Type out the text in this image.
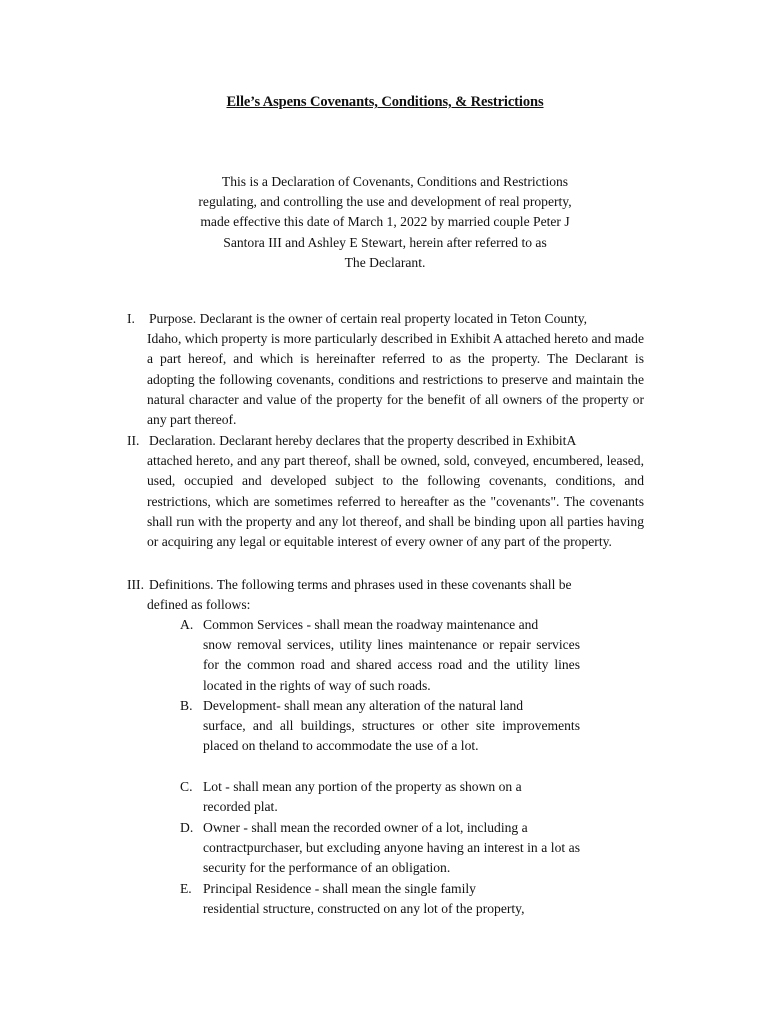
Elle’s Aspens Covenants, Conditions, & Restrictions
This is a Declaration of Covenants, Conditions and Restrictions
regulating, and controlling the use and development of real property,
made effective this date of March 1, 2022 by married couple Peter J
Santora III and Ashley E Stewart, herein after referred to as
The Declarant.
I. Purpose. Declarant is the owner of certain real property located in Teton County,
Idaho, which property is more particularly described in Exhibit A attached hereto and made a part hereof, and which is hereinafter referred to as the property. The Declarant is adopting the following covenants, conditions and restrictions to preserve and maintain the natural character and value of the property for the benefit of all owners of the property or any part thereof.
II. Declaration. Declarant hereby declares that the property described in ExhibitA
attached hereto, and any part thereof, shall be owned, sold, conveyed, encumbered, leased, used, occupied and developed subject to the following covenants, conditions, and restrictions, which are sometimes referred to hereafter as the "covenants". The covenants shall run with the property and any lot thereof, and shall be binding upon all parties having or acquiring any legal or equitable interest of every owner of any part of the property.
III. Definitions. The following terms and phrases used in these covenants shall be
defined as follows:
A. Common Services - shall mean the roadway maintenance and
snow removal services, utility lines maintenance or repair services for the common road and shared access road and the utility lines located in the rights of way of such roads.
B. Development- shall mean any alteration of the natural land
surface, and all buildings, structures or other site improvements placed on theland to accommodate the use of a lot.
C. Lot - shall mean any portion of the property as shown on a
recorded plat.
D. Owner - shall mean the recorded owner of a lot, including a
contractpurchaser, but excluding anyone having an interest in a lot as security for the performance of an obligation.
E. Principal Residence - shall mean the single family
residential structure, constructed on any lot of the property,
